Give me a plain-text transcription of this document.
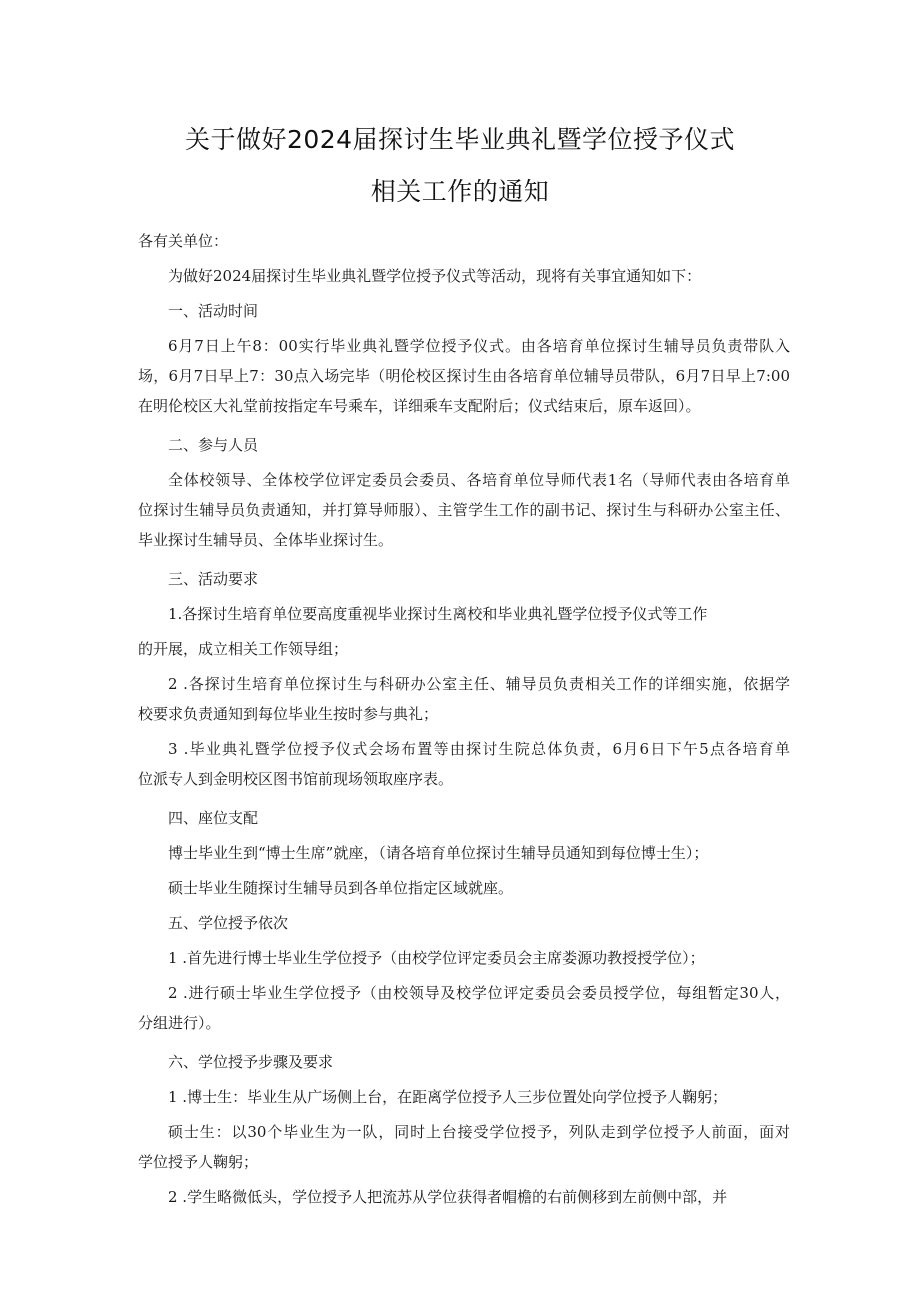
关于做好2024届探讨生毕业典礼暨学位授予仪式
相关工作的通知
各有关单位：
为做好2024届探讨生毕业典礼暨学位授予仪式等活动，现将有关事宜通知如下：
一、活动时间
6月7日上午8：00实行毕业典礼暨学位授予仪式。由各培育单位探讨生辅导员负责带队入
场，6月7日早上7：30点入场完毕（明伦校区探讨生由各培育单位辅导员带队，6月7日早上7:00
在明伦校区大礼堂前按指定车号乘车，详细乘车支配附后；仪式结束后，原车返回）。
二、参与人员
全体校领导、全体校学位评定委员会委员、各培育单位导师代表1名（导师代表由各培育单
位探讨生辅导员负责通知，并打算导师服）、主管学生工作的副书记、探讨生与科研办公室主任、
毕业探讨生辅导员、全体毕业探讨生。
三、活动要求
1.各探讨生培育单位要高度重视毕业探讨生离校和毕业典礼暨学位授予仪式等工作
的开展，成立相关工作领导组；
2 .各探讨生培育单位探讨生与科研办公室主任、辅导员负责相关工作的详细实施，依据学
校要求负责通知到每位毕业生按时参与典礼；
3 .毕业典礼暨学位授予仪式会场布置等由探讨生院总体负责，6月6日下午5点各培育单
位派专人到金明校区图书馆前现场领取座序表。
四、座位支配
博士毕业生到“博士生席”就座，（请各培育单位探讨生辅导员通知到每位博士生）；
硕士毕业生随探讨生辅导员到各单位指定区域就座。
五、学位授予依次
1 .首先进行博士毕业生学位授予（由校学位评定委员会主席娄源功教授授学位）；
2 .进行硕士毕业生学位授予（由校领导及校学位评定委员会委员授学位，每组暂定30人，
分组进行）。
六、学位授予步骤及要求
1 .博士生：毕业生从广场侧上台，在距离学位授予人三步位置处向学位授予人鞠躬；
硕士生：以30个毕业生为一队，同时上台接受学位授予，列队走到学位授予人前面，面对
学位授予人鞠躬；
2 .学生略微低头，学位授予人把流苏从学位获得者帽檐的右前侧移到左前侧中部，并
